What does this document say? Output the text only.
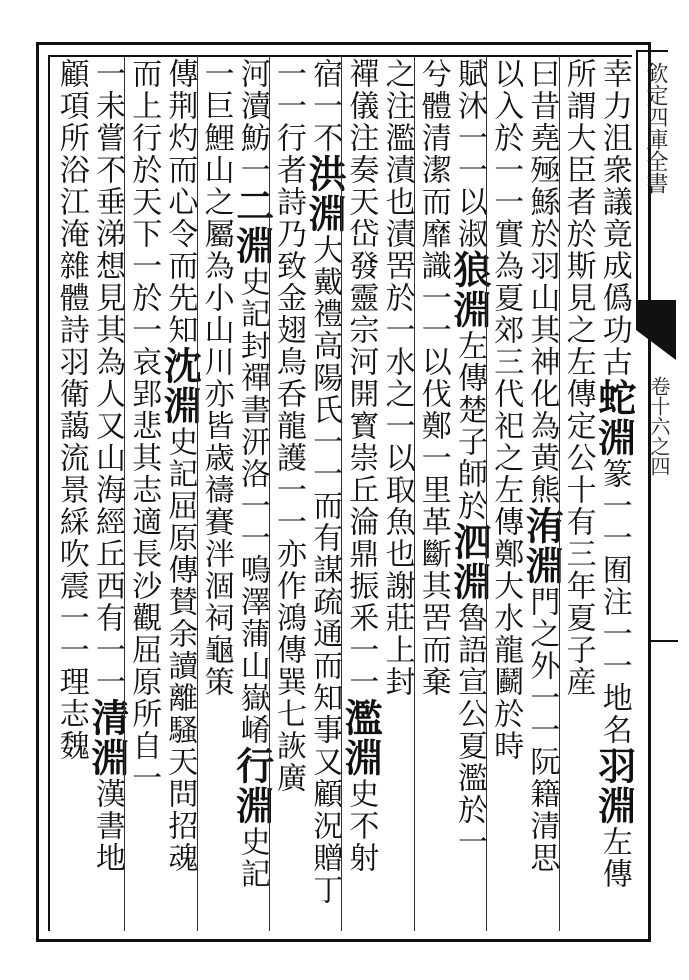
幸力沮衆議竟成僞功古蛇淵篆一一囿注一一地名羽淵左傳
所謂大臣者於斯見之左傳定公十有三年夏子産
曰昔堯殛鯀於羽山其神化為黄熊洧淵門之外一一阮籍清思
以入於一一實為夏郊三代祀之左傳鄭大水龍鬬於時
賦沐一一以淑狼淵左傳楚子師於泗淵魯語宣公夏濫於一
兮體清潔而靡識一一以伐鄭一里革斷其罟而棄
之注濫漬也漬罟於一水之一以取魚也謝莊上封
禪儀注奏天岱發靈宗河開寳崇丘淪鼎振釆一一濫淵史不射
宿一不洪淵大戴禮高陽氏一一而有謀疏通而知事又顧況贈丁
一一行者詩乃致金翅鳥呑龍護一一亦作鴻傳巽七詼廣
河瀆魴一二淵史記封禪書汧洛一一鳴澤蒲山嶽崤行淵史記
一巨鯉山之屬為小山川亦皆歳禱賽泮涸祠龜策
傳荆灼而心令而先知沈淵史記屈原傳賛余讀離騷天問招魂
而上行於天下一於一哀郢悲其志適長沙觀屈原所自一
一未嘗不垂涕想見其為人又山海經丘西有一一清淵漢書地
顧項所浴江淹雜體詩羽衛藹流景綵吹震一一理志魏
欽定四庫全書
卷十六之四
